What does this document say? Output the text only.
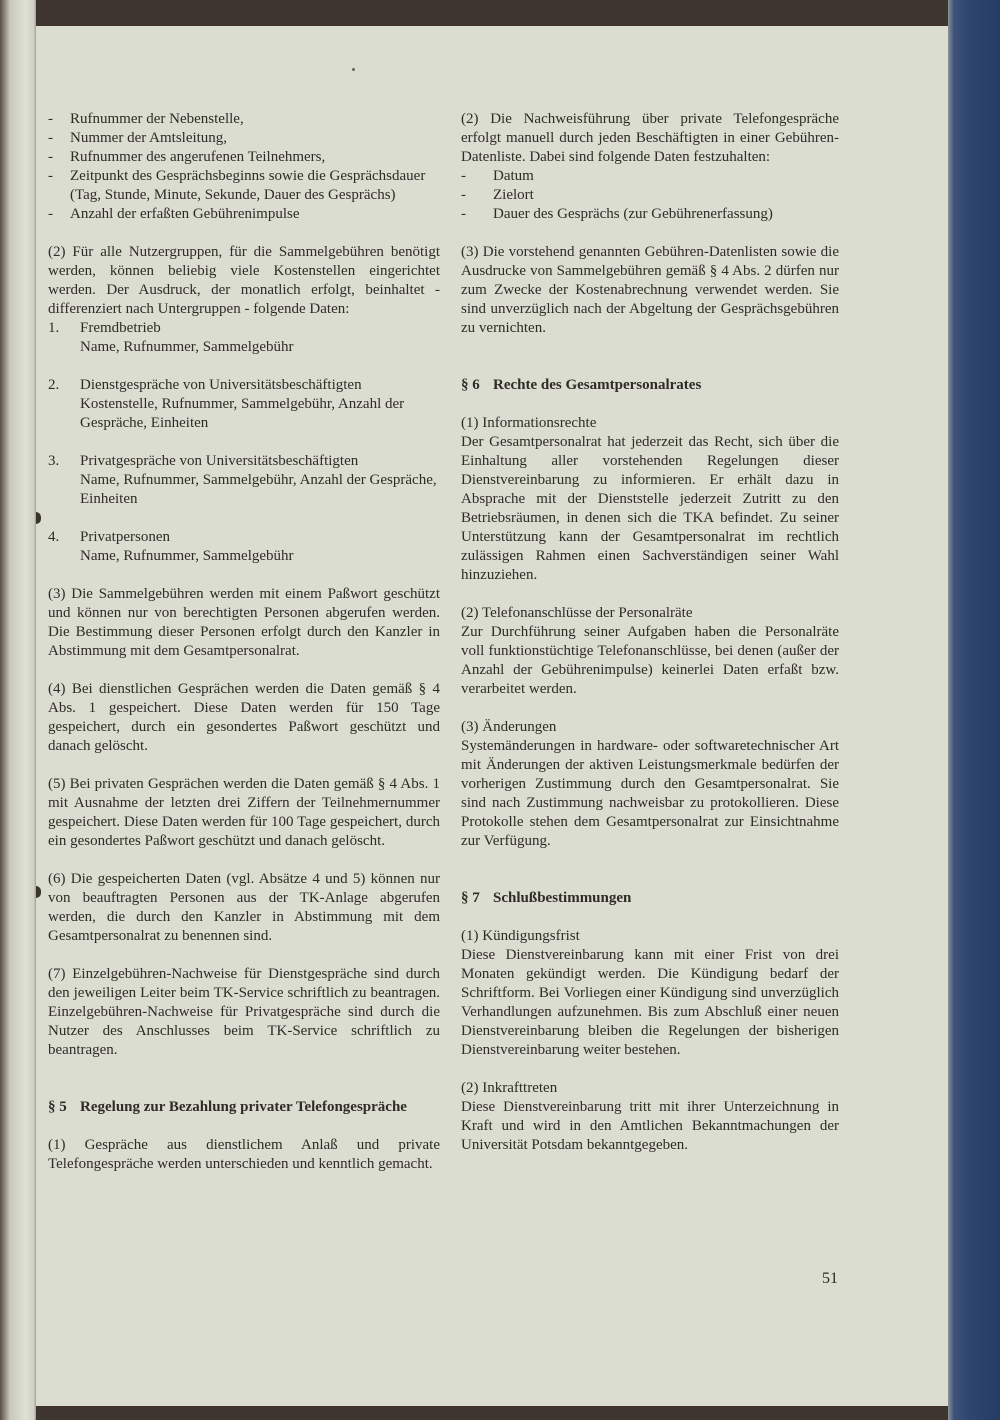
-	Rufnummer der Nebenstelle,
-	Nummer der Amtsleitung,
-	Rufnummer des angerufenen Teilnehmers,
-	Zeitpunkt des Gesprächsbeginns sowie die Gesprächsdauer (Tag, Stunde, Minute, Sekunde, Dauer des Gesprächs)
-	Anzahl der erfaßten Gebührenimpulse

(2) Für alle Nutzergruppen, für die Sammelgebühren benötigt werden, können beliebig viele Kostenstellen eingerichtet werden. Der Ausdruck, der monatlich erfolgt, beinhaltet - differenziert nach Untergruppen - folgende Daten:

1.	Fremdbetrieb
Name, Rufnummer, Sammelgebühr
2.	Dienstgespräche von Universitätsbeschäftigten
Kostenstelle, Rufnummer, Sammelgebühr, Anzahl der Gespräche, Einheiten
3.	Privatgespräche von Universitätsbeschäftigten
Name, Rufnummer, Sammelgebühr, Anzahl der Gespräche, Einheiten
4.	Privatpersonen
Name, Rufnummer, Sammelgebühr

(3) Die Sammelgebühren werden mit einem Paßwort geschützt und können nur von berechtigten Personen abgerufen werden. Die Bestimmung dieser Personen erfolgt durch den Kanzler in Abstimmung mit dem Gesamtpersonalrat.

(4) Bei dienstlichen Gesprächen werden die Daten gemäß § 4 Abs. 1 gespeichert. Diese Daten werden für 150 Tage gespeichert, durch ein gesondertes Paßwort geschützt und danach gelöscht.

(5) Bei privaten Gesprächen werden die Daten gemäß § 4 Abs. 1 mit Ausnahme der letzten drei Ziffern der Teilnehmernummer gespeichert. Diese Daten werden für 100 Tage gespeichert, durch ein gesondertes Paßwort geschützt und danach gelöscht.

(6) Die gespeicherten Daten (vgl. Absätze 4 und 5) können nur von beauftragten Personen aus der TK-Anlage abgerufen werden, die durch den Kanzler in Abstimmung mit dem Gesamtpersonalrat zu benennen sind.

(7) Einzelgebühren-Nachweise für Dienstgespräche sind durch den jeweiligen Leiter beim TK-Service schriftlich zu beantragen. Einzelgebühren-Nachweise für Privatgespräche sind durch die Nutzer des Anschlusses beim TK-Service schriftlich zu beantragen.

§ 5 Regelung zur Bezahlung privater Telefongespräche

(1) Gespräche aus dienstlichem Anlaß und private Telefongespräche werden unterschieden und kenntlich gemacht.

(2) Die Nachweisführung über private Telefongespräche erfolgt manuell durch jeden Beschäftigten in einer Gebühren-Datenliste. Dabei sind folgende Daten festzuhalten:

-	Datum
-	Zielort
-	Dauer des Gesprächs (zur Gebührenerfassung)

(3) Die vorstehend genannten Gebühren-Datenlisten sowie die Ausdrucke von Sammelgebühren gemäß § 4 Abs. 2 dürfen nur zum Zwecke der Kostenabrechnung verwendet werden. Sie sind unverzüglich nach der Abgeltung der Gesprächsgebühren zu vernichten.

§ 6 Rechte des Gesamtpersonalrates

(1) Informationsrechte

Der Gesamtpersonalrat hat jederzeit das Recht, sich über die Einhaltung aller vorstehenden Regelungen dieser Dienstvereinbarung zu informieren. Er erhält dazu in Absprache mit der Dienststelle jederzeit Zutritt zu den Betriebsräumen, in denen sich die TKA befindet. Zu seiner Unterstützung kann der Gesamtpersonalrat im rechtlich zulässigen Rahmen einen Sachverständigen seiner Wahl hinzuziehen.

(2) Telefonanschlüsse der Personalräte

Zur Durchführung seiner Aufgaben haben die Personalräte voll funktionstüchtige Telefonanschlüsse, bei denen (außer der Anzahl der Gebührenimpulse) keinerlei Daten erfaßt bzw. verarbeitet werden.

(3) Änderungen

Systemänderungen in hardware- oder softwaretechnischer Art mit Änderungen der aktiven Leistungsmerkmale bedürfen der vorherigen Zustimmung durch den Gesamtpersonalrat. Sie sind nach Zustimmung nachweisbar zu protokollieren. Diese Protokolle stehen dem Gesamtpersonalrat zur Einsichtnahme zur Verfügung.

§ 7 Schlußbestimmungen

(1) Kündigungsfrist

Diese Dienstvereinbarung kann mit einer Frist von drei Monaten gekündigt werden. Die Kündigung bedarf der Schriftform. Bei Vorliegen einer Kündigung sind unverzüglich Verhandlungen aufzunehmen. Bis zum Abschluß einer neuen Dienstvereinbarung bleiben die Regelungen der bisherigen Dienstvereinbarung weiter bestehen.

(2) Inkrafttreten

Diese Dienstvereinbarung tritt mit ihrer Unterzeichnung in Kraft und wird in den Amtlichen Bekanntmachungen der Universität Potsdam bekanntgegeben.

51
